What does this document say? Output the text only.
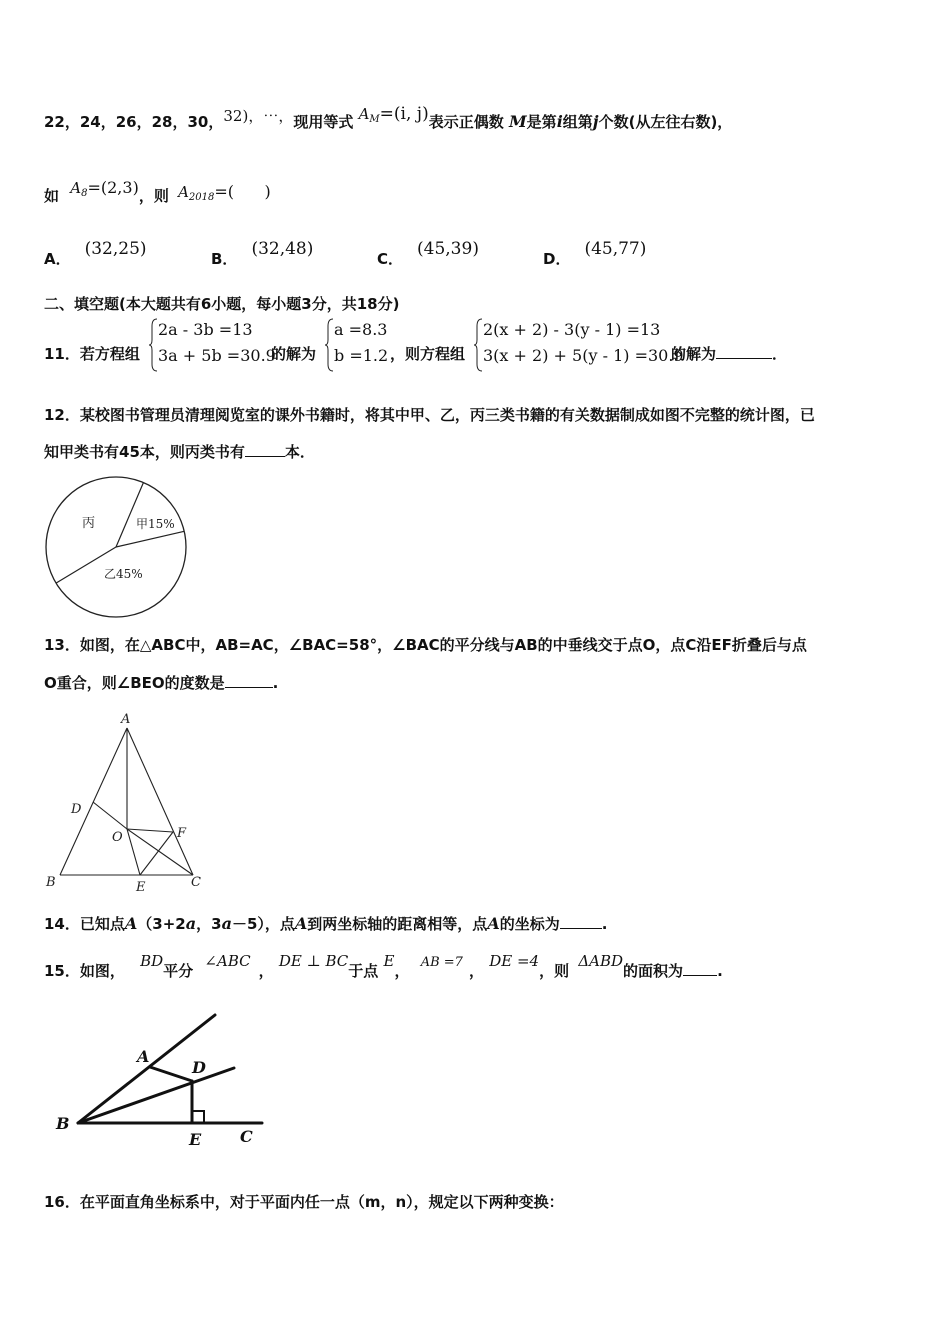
22，24，26，28，30，32)，⋯，现用等式 $A_M=(i$, j)表示正偶数 M是第i组第j个数(从左往右数)，
如 $A_8=(2,3)$，则 $A_{2018}=$(      )
A． (32,25)	B． (32,48)	C． (45,39)	D． (45,77)
二、填空题(本大题共有6小题，每小题3分，共18分)
11．若方程组
2a - 3b =13
3a + 5b =30.9
的解为
a =8.3
b =1.2 ，则方程组
2(x + 2) - 3(y - 1) =13
3(x + 2) + 5(y - 1) =30.9
的解为	．
12．某校图书管理员清理阅览室的课外书籍时，将其中甲、乙，丙三类书籍的有关数据制成如图不完整的统计图，已
知甲类书有45本，则丙类书有	本．
丙	甲15%
乙45%
13．如图，在△ABC中，AB=AC，∠BAC=58°，∠BAC的平分线与AB的中垂线交于点O，点C沿EF折叠后与点
O重合，则∠BEO的度数是	.
A
D
O	F
B	E	C
14．已知点A（3+2a，3a－5），点A到两坐标轴的距离相等，点A的坐标为	.
15．如图， BD平分 ∠ABC， DE ⊥ BC于点 E， AB =7 ， DE =4，则 ΔABD的面积为 .
A
D
B
E C
16．在平面直角坐标系中，对于平面内任一点（m，n），规定以下两种变换：
